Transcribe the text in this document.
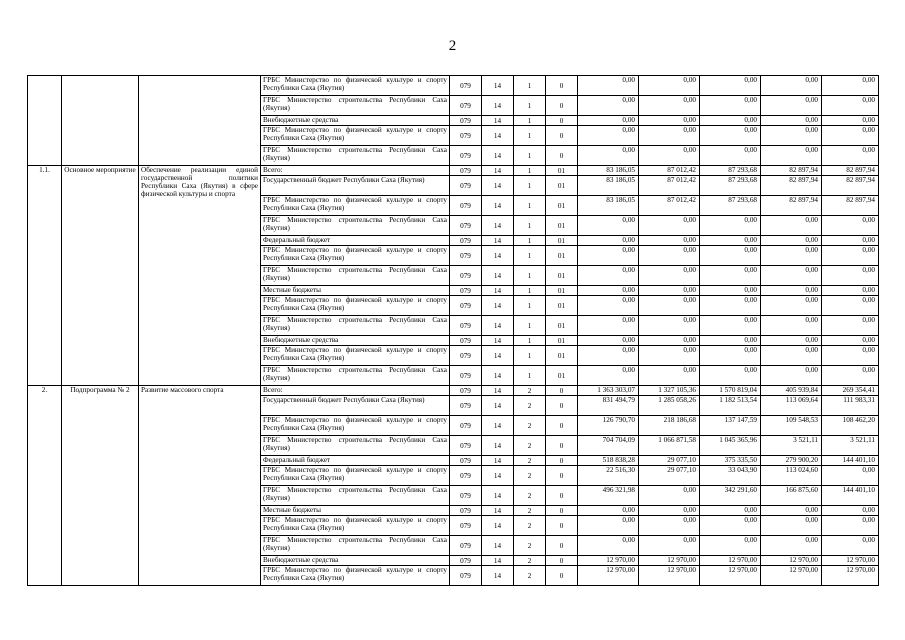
2
			ГРБС Министерство по физической культуре и спорту Республики Саха (Якутия)	079	14	1	0	0,00	0,00	0,00	0,00	0,00
			ГРБС Министерство строительства Республики Саха (Якутия)	079	14	1	0	0,00	0,00	0,00	0,00	0,00
			Внебюджетные средства	079	14	1	0	0,00	0,00	0,00	0,00	0,00
			ГРБС Министерство по физической культуре и спорту Республики Саха (Якутия)	079	14	1	0	0,00	0,00	0,00	0,00	0,00
			ГРБС Министерство строительства Республики Саха (Якутия)	079	14	1	0	0,00	0,00	0,00	0,00	0,00
1.1.	Основное мероприятие	Обеспечение реализации единой государственной политики Республики Саха (Якутия) в сфере физической культуры и спорта	Всего:	079	14	1	01	83 186,05	87 012,42	87 293,68	82 897,94	82 897,94
			Государственный бюджет Республики Саха (Якутия)	079	14	1	01	83 186,05	87 012,42	87 293,68	82 897,94	82 897,94
			ГРБС Министерство по физической культуре и спорту Республики Саха (Якутия)	079	14	1	01	83 186,05	87 012,42	87 293,68	82 897,94	82 897,94
			ГРБС Министерство строительства Республики Саха (Якутия)	079	14	1	01	0,00	0,00	0,00	0,00	0,00
			Федеральный бюджет	079	14	1	01	0,00	0,00	0,00	0,00	0,00
			ГРБС Министерство по физической культуре и спорту Республики Саха (Якутия)	079	14	1	01	0,00	0,00	0,00	0,00	0,00
			ГРБС Министерство строительства Республики Саха (Якутия)	079	14	1	01	0,00	0,00	0,00	0,00	0,00
			Местные бюджеты	079	14	1	01	0,00	0,00	0,00	0,00	0,00
			ГРБС Министерство по физической культуре и спорту Республики Саха (Якутия)	079	14	1	01	0,00	0,00	0,00	0,00	0,00
			ГРБС Министерство строительства Республики Саха (Якутия)	079	14	1	01	0,00	0,00	0,00	0,00	0,00
			Внебюджетные средства	079	14	1	01	0,00	0,00	0,00	0,00	0,00
			ГРБС Министерство по физической культуре и спорту Республики Саха (Якутия)	079	14	1	01	0,00	0,00	0,00	0,00	0,00
			ГРБС Министерство строительства Республики Саха (Якутия)	079	14	1	01	0,00	0,00	0,00	0,00	0,00
2.	Подпрограмма № 2	Развитие массового спорта	Всего:	079	14	2	0	1 363 303,07	1 327 105,36	1 570 819,04	405 939,84	269 354,41
			Государственный бюджет Республики Саха (Якутия)	079	14	2	0	831 494,79	1 285 058,26	1 182 513,54	113 069,64	111 983,31
			ГРБС Министерство по физической культуре и спорту Республики Саха (Якутия)	079	14	2	0	126 790,70	218 186,68	137 147,59	109 548,53	108 462,20
			ГРБС Министерство строительства Республики Саха (Якутия)	079	14	2	0	704 704,09	1 066 871,58	1 045 365,96	3 521,11	3 521,11
			Федеральный бюджет	079	14	2	0	518 838,28	29 077,10	375 335,50	279 900,20	144 401,10
			ГРБС Министерство по физической культуре и спорту Республики Саха (Якутия)	079	14	2	0	22 516,30	29 077,10	33 043,90	113 024,60	0,00
			ГРБС Министерство строительства Республики Саха (Якутия)	079	14	2	0	496 321,98	0,00	342 291,60	166 875,60	144 401,10
			Местные бюджеты	079	14	2	0	0,00	0,00	0,00	0,00	0,00
			ГРБС Министерство по физической культуре и спорту Республики Саха (Якутия)	079	14	2	0	0,00	0,00	0,00	0,00	0,00
			ГРБС Министерство строительства Республики Саха (Якутия)	079	14	2	0	0,00	0,00	0,00	0,00	0,00
			Внебюджетные средства	079	14	2	0	12 970,00	12 970,00	12 970,00	12 970,00	12 970,00
			ГРБС Министерство по физической культуре и спорту Республики Саха (Якутия)	079	14	2	0	12 970,00	12 970,00	12 970,00	12 970,00	12 970,00
